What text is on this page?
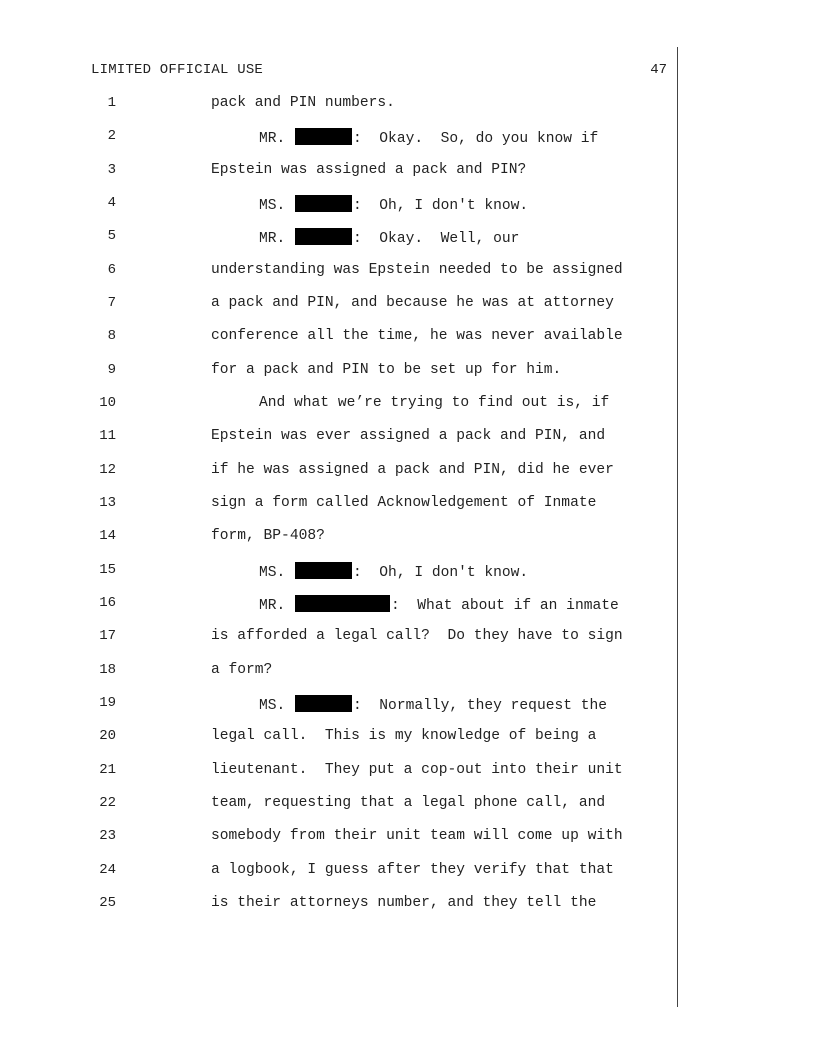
LIMITED OFFICIAL USE	47
1	pack and PIN numbers.
2	MR.	:  Okay.  So, do you know if
3	Epstein was assigned a pack and PIN?
4	MS.	:  Oh, I don't know.
5	MR.	:  Okay.  Well, our
6	understanding was Epstein needed to be assigned
7	a pack and PIN, and because he was at attorney
8	conference all the time, he was never available
9	for a pack and PIN to be set up for him.
10	And what we’re trying to find out is, if
11	Epstein was ever assigned a pack and PIN, and
12	if he was assigned a pack and PIN, did he ever
13	sign a form called Acknowledgement of Inmate
14	form, BP-408?
15	MS.	:  Oh, I don't know.
16	MR.	:  What about if an inmate
17	is afforded a legal call?  Do they have to sign
18	a form?
19	MS.	:  Normally, they request the
20	legal call.  This is my knowledge of being a
21	lieutenant.  They put a cop-out into their unit
22	team, requesting that a legal phone call, and
23	somebody from their unit team will come up with
24	a logbook, I guess after they verify that that
25	is their attorneys number, and they tell the
